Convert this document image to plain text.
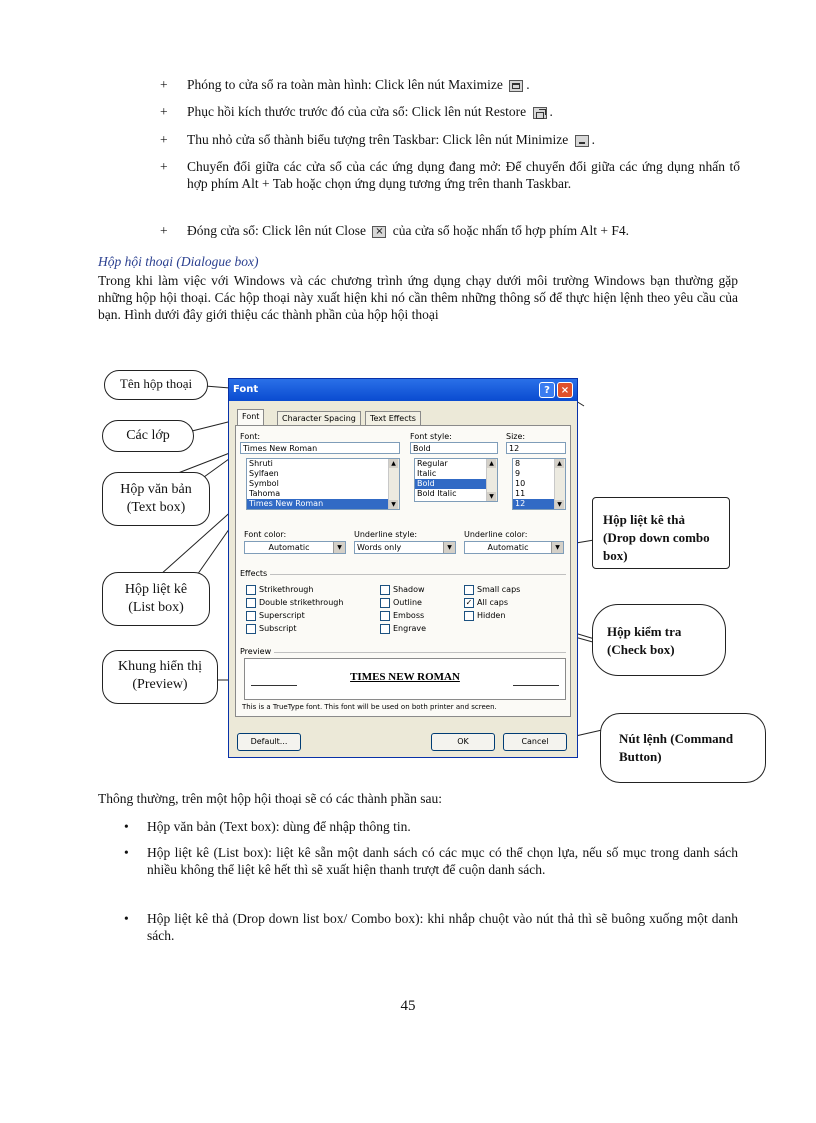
+ Phóng to cửa sổ ra toàn màn hình: Click lên nút Maximize .
+ Phục hồi kích thước trước đó của cửa sổ: Click lên nút Restore .
+ Thu nhỏ cửa sổ thành biểu tượng trên Taskbar: Click lên nút Minimize .
+ Chuyển đổi giữa các cửa sổ của các ứng dụng đang mở: Để chuyển đổi giữa các ứng dụng nhấn tổ hợp phím Alt + Tab hoặc chọn ứng dụng tương ứng trên thanh Taskbar.
+ Đóng cửa sổ: Click lên nút Close × của cửa sổ hoặc nhấn tổ hợp phím Alt + F4.
Hộp hội thoại (Dialogue box)
Trong khi làm việc với Windows và các chương trình ứng dụng chạy dưới môi trường Windows bạn thường gặp những hộp hội thoại. Các hộp thoại này xuất hiện khi nó cần thêm những thông số để thực hiện lệnh theo yêu cầu của bạn. Hình dưới đây giới thiệu các thành phần của hộp hội thoại
Font	?	×
Font	Character Spacing	Text Effects
Font:
Times New Roman
Shruti
Sylfaen
Symbol
Tahoma
Times New Roman
▲
▼
Font style:
Bold
Regular
Italic
Bold
Bold Italic
▲
▼
Size:
12
8
9
10
11
12
▲
▼
Font color:
Automatic	▼
Underline style:
Words only	▼
Underline color:
Automatic	▼
Effects
Strikethrough
Double strikethrough
Superscript
Subscript
Shadow
Outline
Emboss
Engrave
Small caps
✓ All caps
Hidden
Preview
TIMES NEW ROMAN
This is a TrueType font. This font will be used on both printer and screen.
Default...	OK	Cancel
Tên hộp thoại
Các lớp
Hộp văn bản (Text box)
Hộp liệt kê (List box)
Khung hiển thị (Preview)
Hộp liệt kê thả (Drop down combo box)
Hộp kiểm tra (Check box)
Nút lệnh (Command Button)
Thông thường, trên một hộp hội thoại sẽ có các thành phần sau:
• Hộp văn bản (Text box): dùng để nhập thông tin.
• Hộp liệt kê (List box): liệt kê sẵn một danh sách có các mục có thể chọn lựa, nếu số mục trong danh sách nhiều không thể liệt kê hết thì sẽ xuất hiện thanh trượt để cuộn danh sách.
• Hộp liệt kê thả (Drop down list box/ Combo box): khi nhắp chuột vào nút thả thì sẽ buông xuống một danh sách.
45
